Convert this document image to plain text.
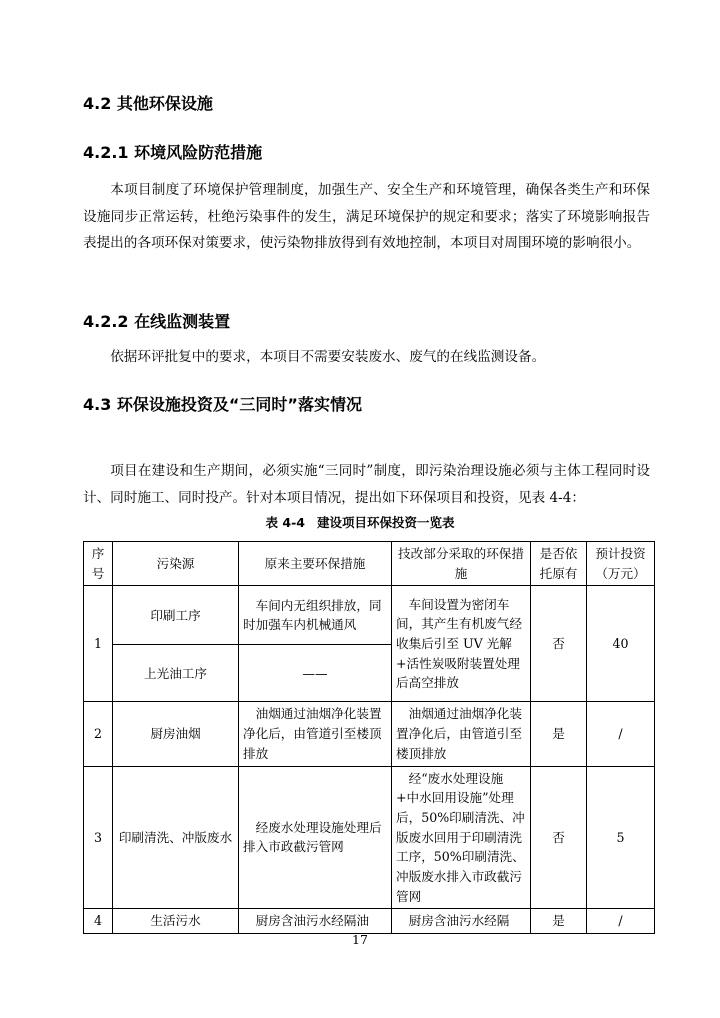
4.2 其他环保设施
4.2.1 环境风险防范措施
本项目制度了环境保护管理制度，加强生产、安全生产和环境管理，确保各类生产和环保设施同步正常运转，杜绝污染事件的发生，满足环境保护的规定和要求；落实了环境影响报告表提出的各项环保对策要求，使污染物排放得到有效地控制，本项目对周围环境的影响很小。
4.2.2 在线监测装置
依据环评批复中的要求，本项目不需要安装废水、废气的在线监测设备。
4.3 环保设施投资及“三同时”落实情况
项目在建设和生产期间，必须实施“三同时”制度，即污染治理设施必须与主体工程同时设计、同时施工、同时投产。针对本项目情况，提出如下环保项目和投资，见表 4-4：
表 4-4 建设项目环保投资一览表
序号	污染源	原来主要环保措施	技改部分采取的环保措施	是否依托原有	预计投资（万元）
1	印刷工序	车间内无组织排放，同时加强车内机械通风	车间设置为密闭车间，其产生有机废气经收集后引至 UV 光解+活性炭吸附装置处理后高空排放	否	40
	上光油工序	——			
2	厨房油烟	油烟通过油烟净化装置净化后，由管道引至楼顶排放	油烟通过油烟净化装置净化后，由管道引至楼顶排放	是	/
3	印刷清洗、冲版废水	经废水处理设施处理后排入市政截污管网	经“废水处理设施+中水回用设施”处理后，50%印刷清洗、冲版废水回用于印刷清洗工序，50%印刷清洗、冲版废水排入市政截污管网	否	5
4	生活污水	厨房含油污水经隔油	厨房含油污水经隔	是	/
17
